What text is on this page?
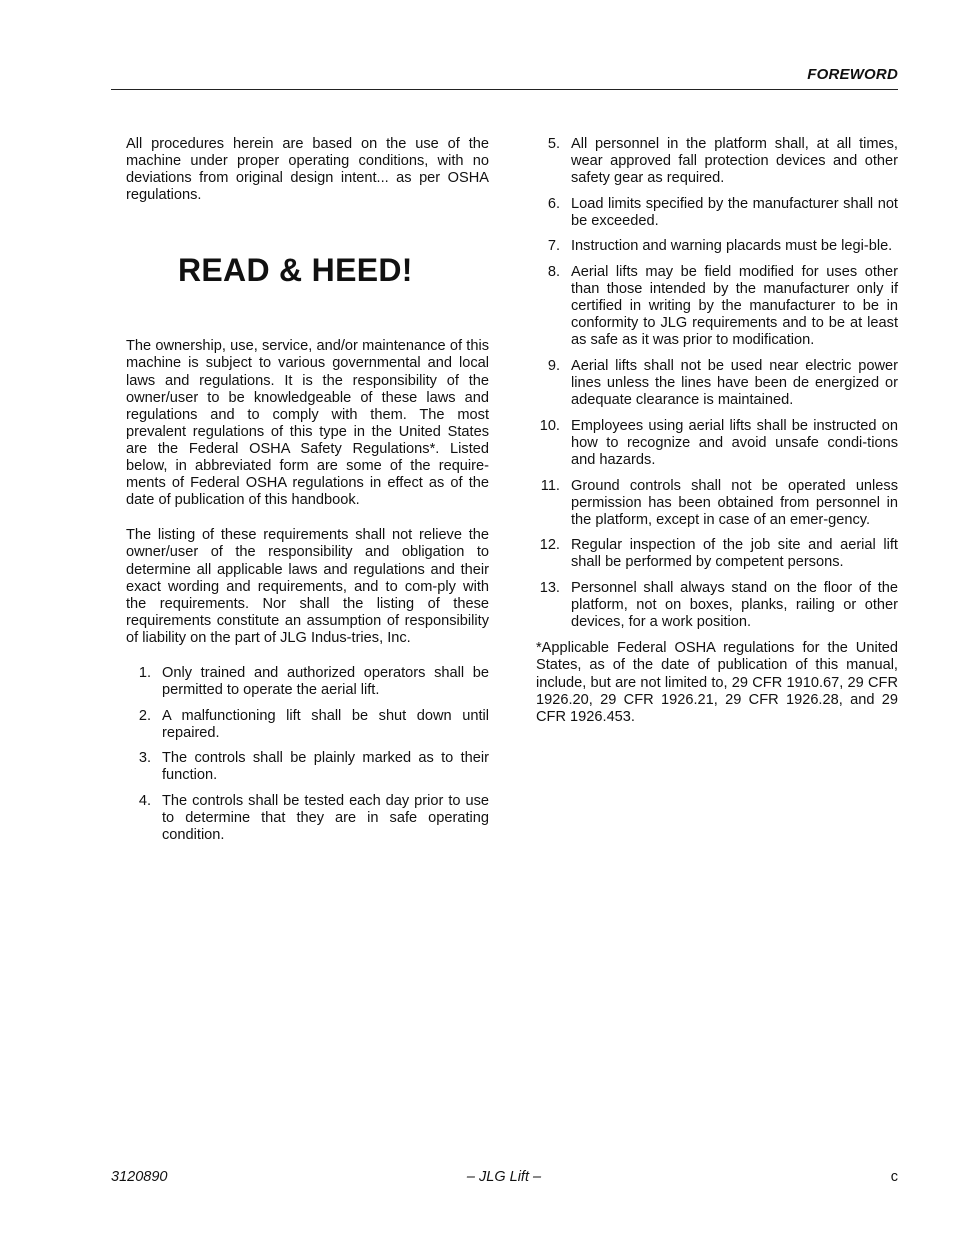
FOREWORD

All procedures herein are based on the use of the machine under proper operating conditions, with no deviations from original design intent... as per OSHA regulations.

READ & HEED!

The ownership, use, service, and/or maintenance of this machine is subject to various governmental and local laws and regulations. It is the responsibility of the owner/user to be knowledgeable of these laws and regulations and to comply with them. The most prevalent regulations of this type in the United States are the Federal OSHA Safety Regulations*. Listed below, in abbreviated form are some of the require-ments of Federal OSHA regulations in effect as of the date of publication of this handbook.

The listing of these requirements shall not relieve the owner/user of the responsibility and obligation to determine all applicable laws and regulations and their exact wording and requirements, and to com-ply with the requirements. Nor shall the listing of these requirements constitute an assumption of responsibility of liability on the part of JLG Indus-tries, Inc.

1. Only trained and authorized operators shall be permitted to operate the aerial lift.
2. A malfunctioning lift shall be shut down until repaired.
3. The controls shall be plainly marked as to their function.
4. The controls shall be tested each day prior to use to determine that they are in safe operating condition.
5. All personnel in the platform shall, at all times, wear approved fall protection devices and other safety gear as required.
6. Load limits specified by the manufacturer shall not be exceeded.
7. Instruction and warning placards must be legi-ble.
8. Aerial lifts may be field modified for uses other than those intended by the manufacturer only if certified in writing by the manufacturer to be in conformity to JLG requirements and to be at least as safe as it was prior to modification.
9. Aerial lifts shall not be used near electric power lines unless the lines have been de energized or adequate clearance is maintained.
10. Employees using aerial lifts shall be instructed on how to recognize and avoid unsafe condi-tions and hazards.
11. Ground controls shall not be operated unless permission has been obtained from personnel in the platform, except in case of an emer-gency.
12. Regular inspection of the job site and aerial lift shall be performed by competent persons.
13. Personnel shall always stand on the floor of the platform, not on boxes, planks, railing or other devices, for a work position.

*Applicable Federal OSHA regulations for the United States, as of the date of publication of this manual, include, but are not limited to, 29 CFR 1910.67, 29 CFR 1926.20, 29 CFR 1926.21, 29 CFR 1926.28, and 29 CFR 1926.453.

3120890	– JLG Lift –	c
